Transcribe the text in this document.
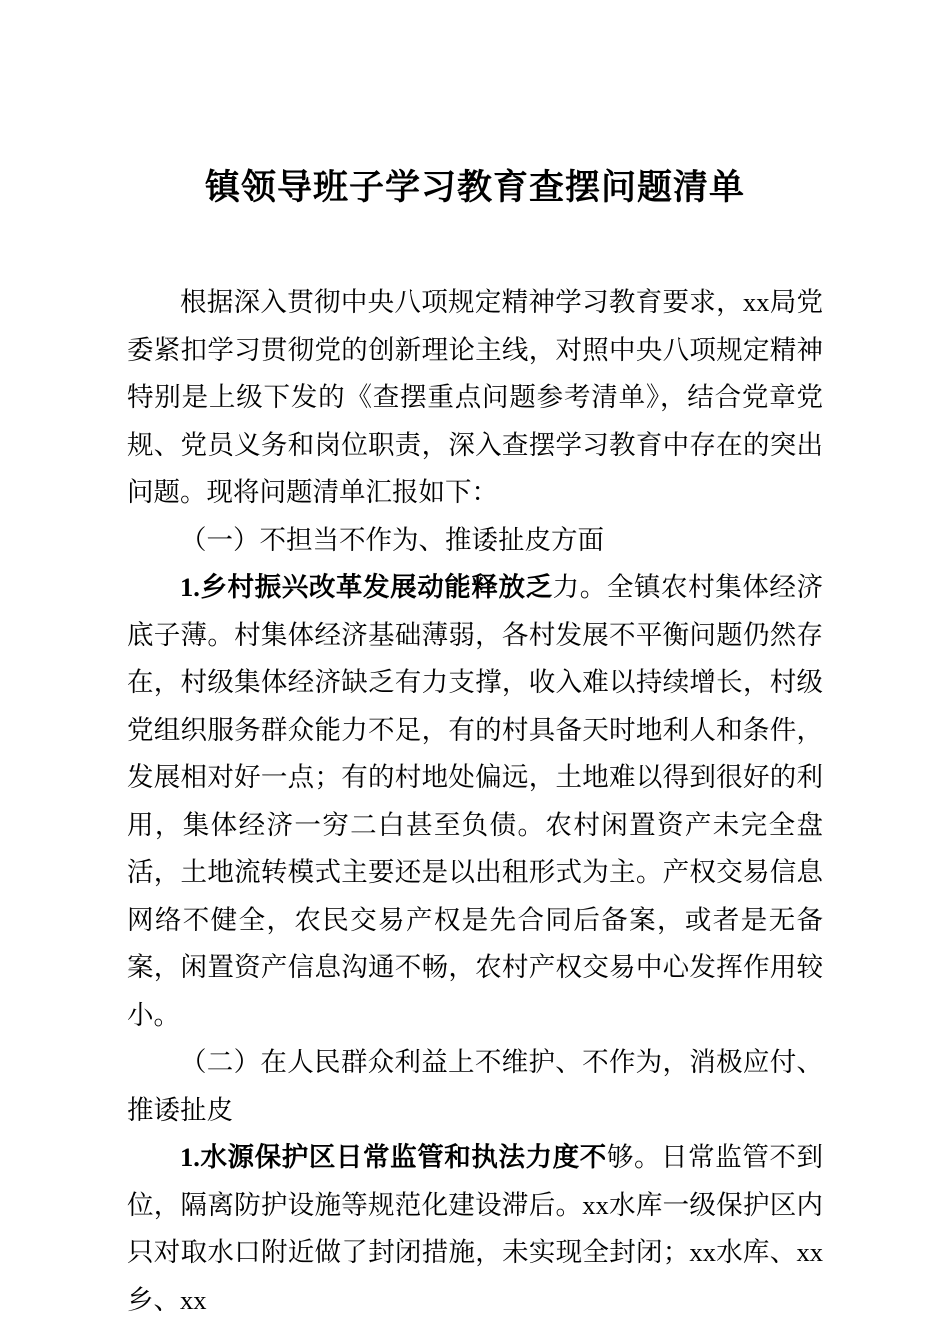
镇领导班子学习教育查摆问题清单

根据深入贯彻中央八项规定精神学习教育要求，xx局党委紧扣学习贯彻党的创新理论主线，对照中央八项规定精神特别是上级下发的《查摆重点问题参考清单》，结合党章党规、党员义务和岗位职责，深入查摆学习教育中存在的突出问题。现将问题清单汇报如下：

（一）不担当不作为、推诿扯皮方面

1.乡村振兴改革发展动能释放乏力。全镇农村集体经济底子薄。村集体经济基础薄弱，各村发展不平衡问题仍然存在，村级集体经济缺乏有力支撑，收入难以持续增长，村级党组织服务群众能力不足，有的村具备天时地利人和条件，发展相对好一点；有的村地处偏远，土地难以得到很好的利用，集体经济一穷二白甚至负债。农村闲置资产未完全盘活，土地流转模式主要还是以出租形式为主。产权交易信息网络不健全，农民交易产权是先合同后备案，或者是无备案，闲置资产信息沟通不畅，农村产权交易中心发挥作用较小。

（二）在人民群众利益上不维护、不作为，消极应付、推诿扯皮

1.水源保护区日常监管和执法力度不够。日常监管不到位，隔离防护设施等规范化建设滞后。xx水库一级保护区内只对取水口附近做了封闭措施，未实现全封闭；xx水库、xx乡、xx
